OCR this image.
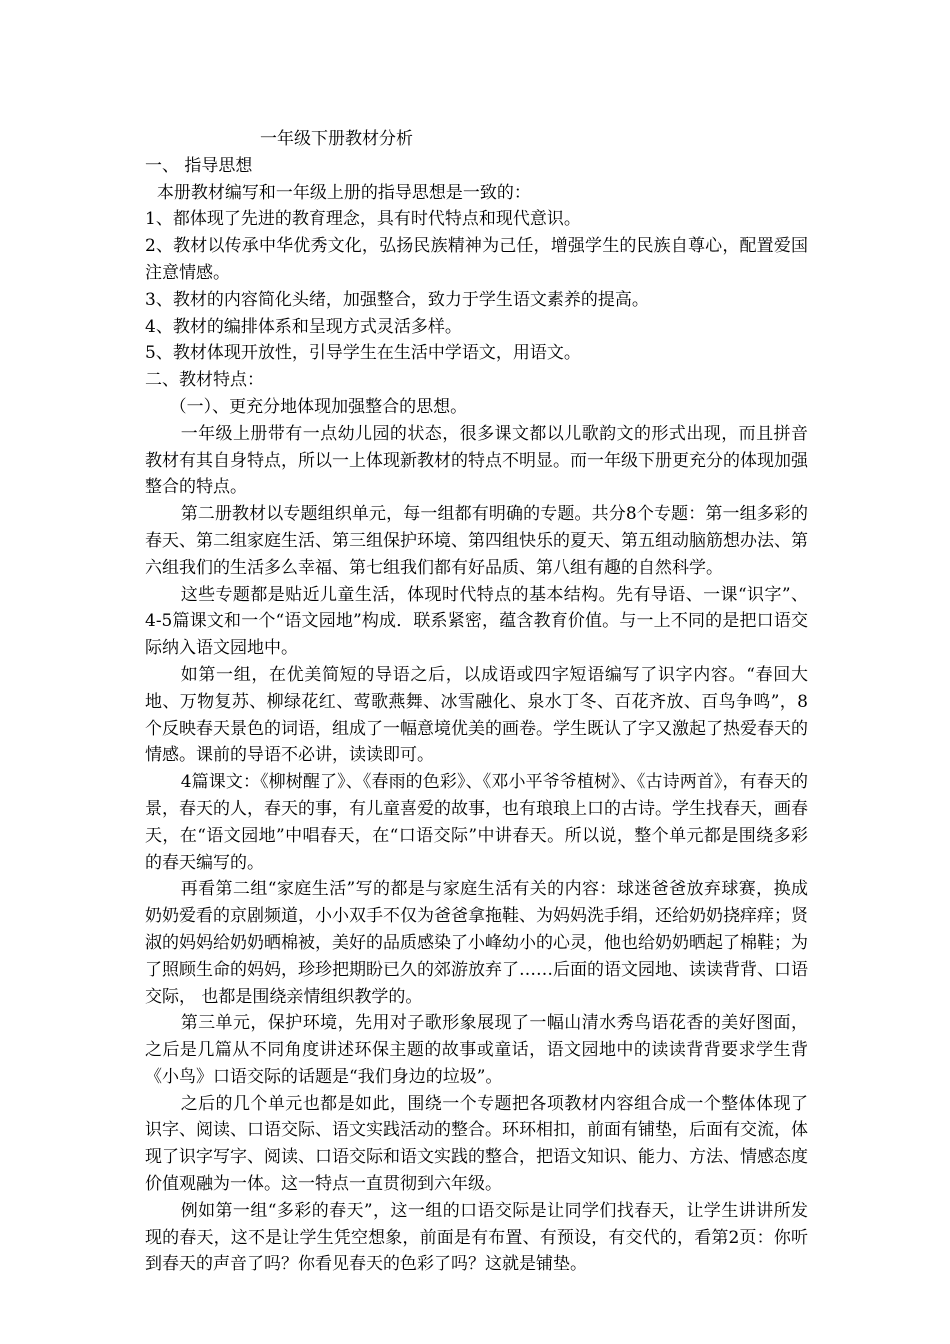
一年级下册教材分析

一、 指导思想

本册教材编写和一年级上册的指导思想是一致的：

1、都体现了先进的教育理念，具有时代特点和现代意识。

2、教材以传承中华优秀文化，弘扬民族精神为己任，增强学生的民族自尊心，配置爱国注意情感。

3、教材的内容简化头绪，加强整合，致力于学生语文素养的提高。

4、教材的编排体系和呈现方式灵活多样。

5、教材体现开放性，引导学生在生活中学语文，用语文。

二、教材特点：

（一）、更充分地体现加强整合的思想。

一年级上册带有一点幼儿园的状态，很多课文都以儿歌韵文的形式出现，而且拼音教材有其自身特点，所以一上体现新教材的特点不明显。而一年级下册更充分的体现加强整合的特点。

第二册教材以专题组织单元，每一组都有明确的专题。共分8个专题：第一组多彩的春天、第二组家庭生活、第三组保护环境、第四组快乐的夏天、第五组动脑筋想办法、第六组我们的生活多么幸福、第七组我们都有好品质、第八组有趣的自然科学。

这些专题都是贴近儿童生活，体现时代特点的基本结构。先有导语、一课“识字”、4-5篇课文和一个“语文园地”构成．联系紧密，蕴含教育价值。与一上不同的是把口语交际纳入语文园地中。

如第一组，在优美简短的导语之后，以成语或四字短语编写了识字内容。“春回大地、万物复苏、柳绿花红、莺歌燕舞、冰雪融化、泉水丁冬、百花齐放、百鸟争鸣”，8个反映春天景色的词语，组成了一幅意境优美的画卷。学生既认了字又激起了热爱春天的情感。课前的导语不必讲，读读即可。

4篇课文：《柳树醒了》、《春雨的色彩》、《邓小平爷爷植树》、《古诗两首》，有春天的景，春天的人，春天的事，有儿童喜爱的故事，也有琅琅上口的古诗。学生找春天，画春天，在“语文园地”中唱春天，在“口语交际”中讲春天。所以说，整个单元都是围绕多彩的春天编写的。

再看第二组“家庭生活”写的都是与家庭生活有关的内容：球迷爸爸放弃球赛，换成奶奶爱看的京剧频道，小小双手不仅为爸爸拿拖鞋、为妈妈洗手绢，还给奶奶挠痒痒；贤淑的妈妈给奶奶晒棉被，美好的品质感染了小峰幼小的心灵，他也给奶奶晒起了棉鞋；为了照顾生命的妈妈，珍珍把期盼已久的郊游放弃了……后面的语文园地、读读背背、口语交际， 也都是围绕亲情组织教学的。

第三单元，保护环境，先用对子歌形象展现了一幅山清水秀鸟语花香的美好图面，之后是几篇从不同角度讲述环保主题的故事或童话，语文园地中的读读背背要求学生背《小鸟》口语交际的话题是“我们身边的垃圾”。

之后的几个单元也都是如此，围绕一个专题把各项教材内容组合成一个整体体现了识字、阅读、口语交际、语文实践活动的整合。环环相扣，前面有铺垫，后面有交流，体现了识字写字、阅读、口语交际和语文实践的整合，把语文知识、能力、方法、情感态度价值观融为一体。这一特点一直贯彻到六年级。

例如第一组“多彩的春天”，这一组的口语交际是让同学们找春天，让学生讲讲所发现的春天，这不是让学生凭空想象，前面是有布置、有预设，有交代的，看第2页：你听到春天的声音了吗？你看见春天的色彩了吗？这就是铺垫。
